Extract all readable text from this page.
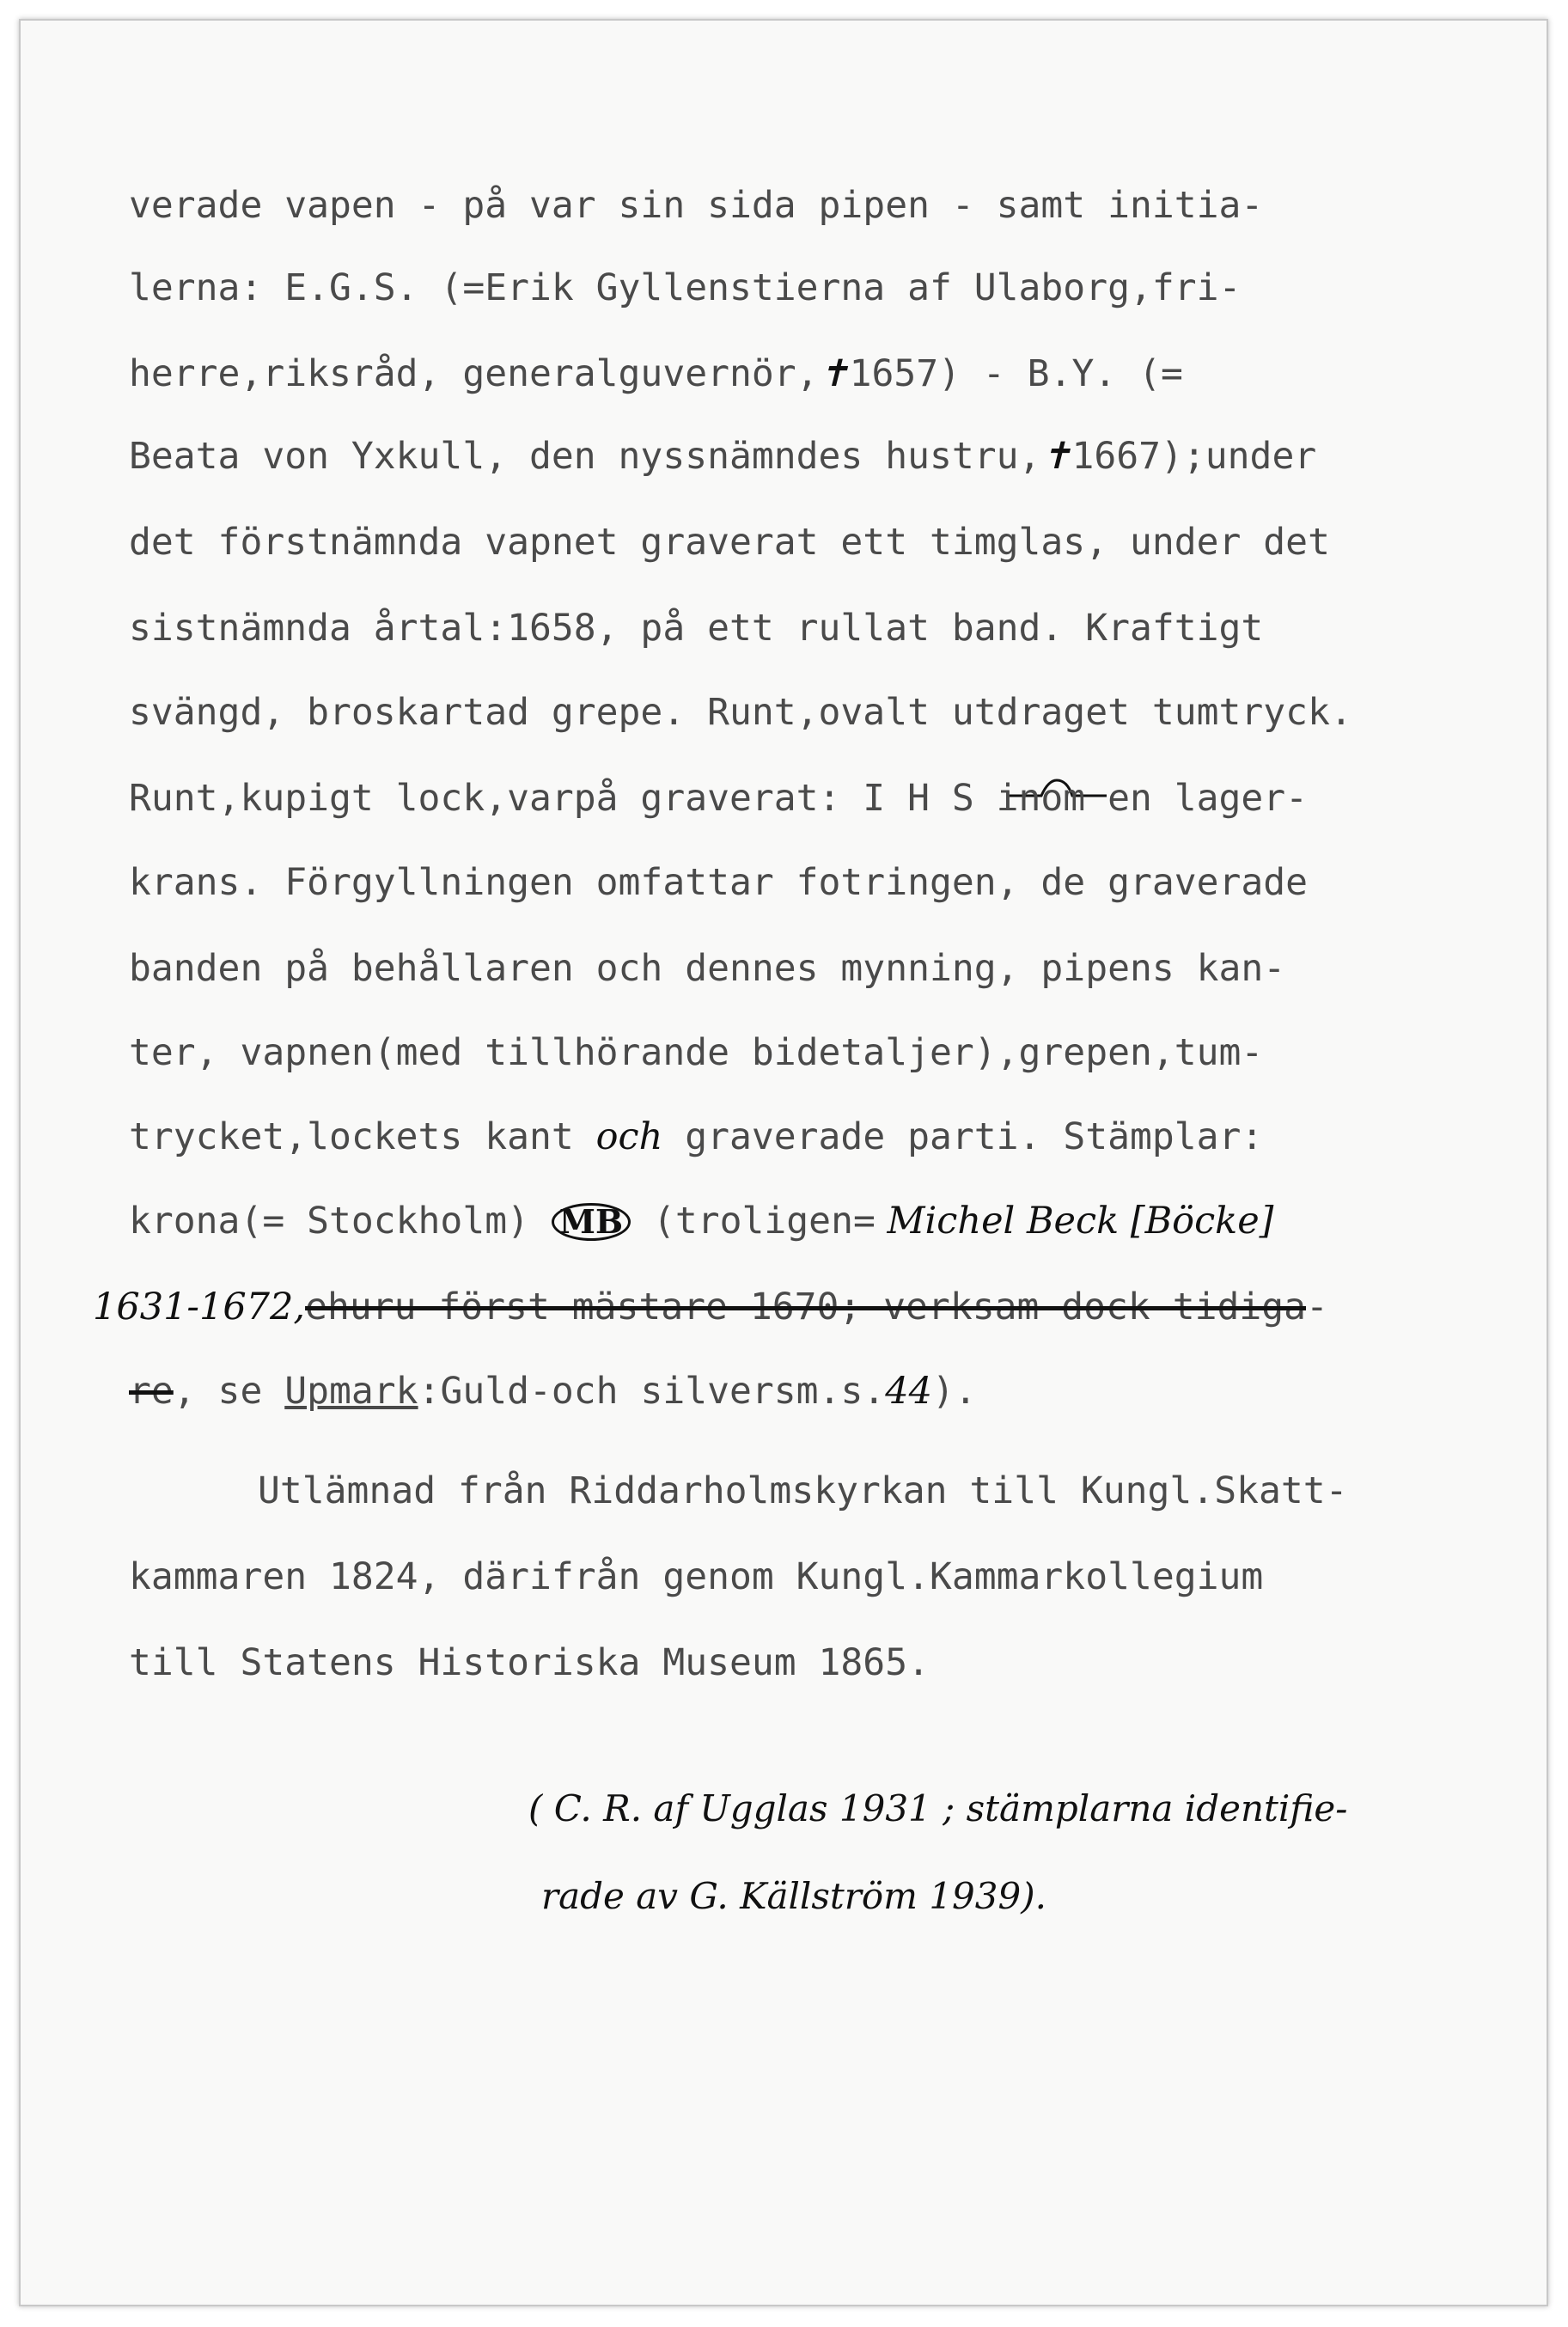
verade vapen - på var sin sida pipen - samt initia-
lerna: E.G.S. (=Erik Gyllenstierna af Ulaborg,fri-
herre,riksråd, generalguvernör,✝1657) - B.Y. (=
Beata von Yxkull, den nyssnämndes hustru,✝1667);under
det förstnämnda vapnet graverat ett timglas, under det
sistnämnda årtal:1658, på ett rullat band. Kraftigt
svängd, broskartad grepe. Runt,ovalt utdraget tumtryck.
Runt,kupigt lock,varpå graverat: I H S inom en lager-
krans. Förgyllningen omfattar fotringen, de graverade
banden på behållaren och dennes mynning, pipens kan-
ter, vapnen(med tillhörande bidetaljer),grepen,tum-
trycket,lockets kant och graverade parti. Stämplar:
krona(= Stockholm) MB (troligen= Michel Beck [Böcke]
1631-1672,ehuru först mästare 1670; verksam dock tidiga-
re, se Upmark:Guld-och silversm.s.44).
Utlämnad från Riddarholmskyrkan till Kungl.Skatt-
kammaren 1824, därifrån genom Kungl.Kammarkollegium
till Statens Historiska Museum 1865.
( C. R. af Ugglas 1931 ; stämplarna identifie-
rade av G. Källström 1939).
